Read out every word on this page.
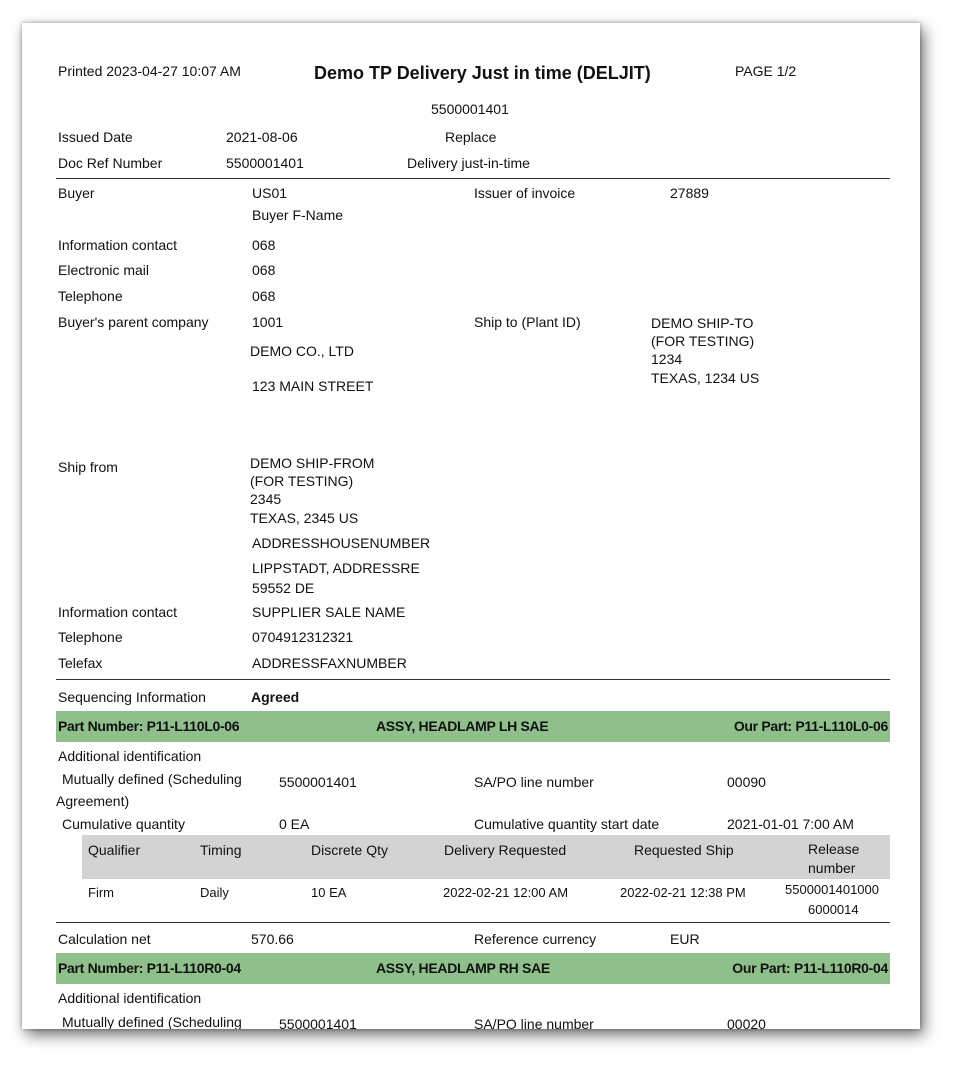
Printed 2023-04-27 10:07 AM	Demo TP Delivery Just in time (DELJIT)	PAGE 1/2
5500001401
Issued Date	2021-08-06	Replace
Doc Ref Number	5500001401	Delivery just-in-time
Buyer	US01
Buyer F-Name
Issuer of invoice	27889
Information contact	068
Electronic mail	068
Telephone	068
Buyer's parent company	1001
DEMO CO., LTD
123 MAIN STREET
Ship to (Plant ID)	DEMO SHIP-TO
(FOR TESTING)
1234
TEXAS, 1234 US
Ship from	DEMO SHIP-FROM
(FOR TESTING)
2345
TEXAS, 2345 US
ADDRESSHOUSENUMBER
LIPPSTADT, ADDRESSRE
59552 DE
Information contact	SUPPLIER SALE NAME
Telephone	0704912312321
Telefax	ADDRESSFAXNUMBER
Sequencing Information	Agreed
Part Number: P11-L110L0-06	ASSY, HEADLAMP LH SAE	Our Part: P11-L110L0-06
Additional identification
Mutually defined (Scheduling
Agreement)
5500001401	SA/PO line number	00090
Cumulative quantity	0 EA	Cumulative quantity start date	2021-01-01 7:00 AM
Qualifier	Timing	Discrete Qty	Delivery Requested	Requested Ship	Release
number
Firm	Daily	10 EA	2022-02-21 12:00 AM	2022-02-21 12:38 PM	5500001401000
6000014
Calculation net	570.66	Reference currency	EUR
Part Number: P11-L110R0-04	ASSY, HEADLAMP RH SAE	Our Part: P11-L110R0-04
Additional identification
Mutually defined (Scheduling	5500001401	SA/PO line number	00020
